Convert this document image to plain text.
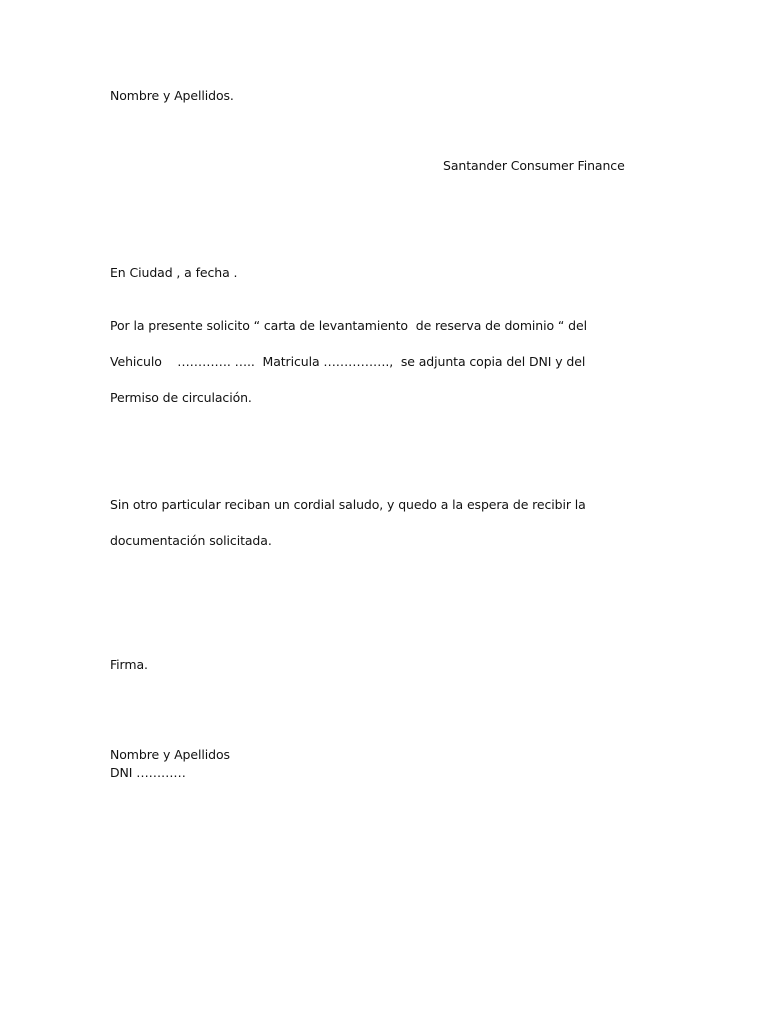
Nombre y Apellidos.
Santander Consumer Finance
En Ciudad , a fecha .
Por la presente solicito “ carta de levantamiento  de reserva de dominio “ del
Vehiculo    …………. …..  Matricula …………….,  se adjunta copia del DNI y del
Permiso de circulación.
Sin otro particular reciban un cordial saludo, y quedo a la espera de recibir la
documentación solicitada.
Firma.
Nombre y Apellidos
DNI …………
